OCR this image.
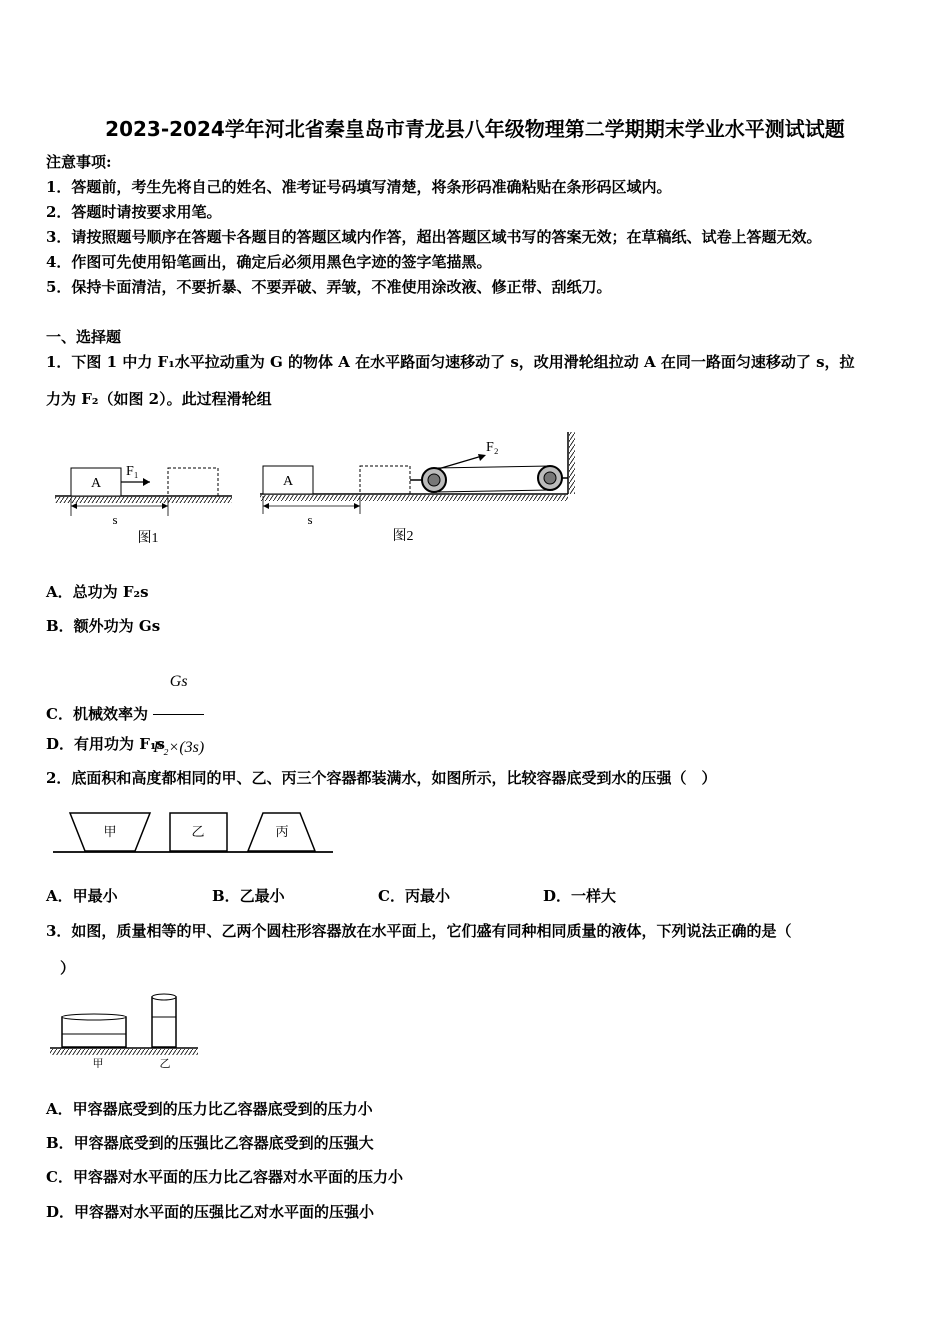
2023-2024学年河北省秦皇岛市青龙县八年级物理第二学期期末学业水平测试试题
注意事项:
1．答题前，考生先将自己的姓名、准考证号码填写清楚，将条形码准确粘贴在条形码区域内。
2．答题时请按要求用笔。
3．请按照题号顺序在答题卡各题目的答题区域内作答，超出答题区域书写的答案无效；在草稿纸、试卷上答题无效。
4．作图可先使用铅笔画出，确定后必须用黑色字迹的签字笔描黑。
5．保持卡面清洁，不要折暴、不要弄破、弄皱，不准使用涂改液、修正带、刮纸刀。
一、选择题
1．下图 1 中力 F₁水平拉动重为 G 的物体 A 在水平路面匀速移动了 s，改用滑轮组拉动 A 在同一路面匀速移动了 s，拉
力为 F₂（如图 2）。此过程滑轮组
A
F₁
s
图1
A
F₂
s
图2
A．总功为 F₂s
B．额外功为 Gs
C．机械效率为 $\frac{Gs}{\text{F₂×(3s)}}$
D．有用功为 F₁s
2．底面积和高度都相同的甲、乙、丙三个容器都装满水，如图所示，比较容器底受到水的压强（　）
甲	乙	丙
A．甲最小	B．乙最小	C．丙最小	D．一样大
3．如图，质量相等的甲、乙两个圆柱形容器放在水平面上，它们盛有同种相同质量的液体，下列说法正确的是（
）
甲	乙
A．甲容器底受到的压力比乙容器底受到的压力小
B．甲容器底受到的压强比乙容器底受到的压强大
C．甲容器对水平面的压力比乙容器对水平面的压力小
D．甲容器对水平面的压强比乙对水平面的压强小
